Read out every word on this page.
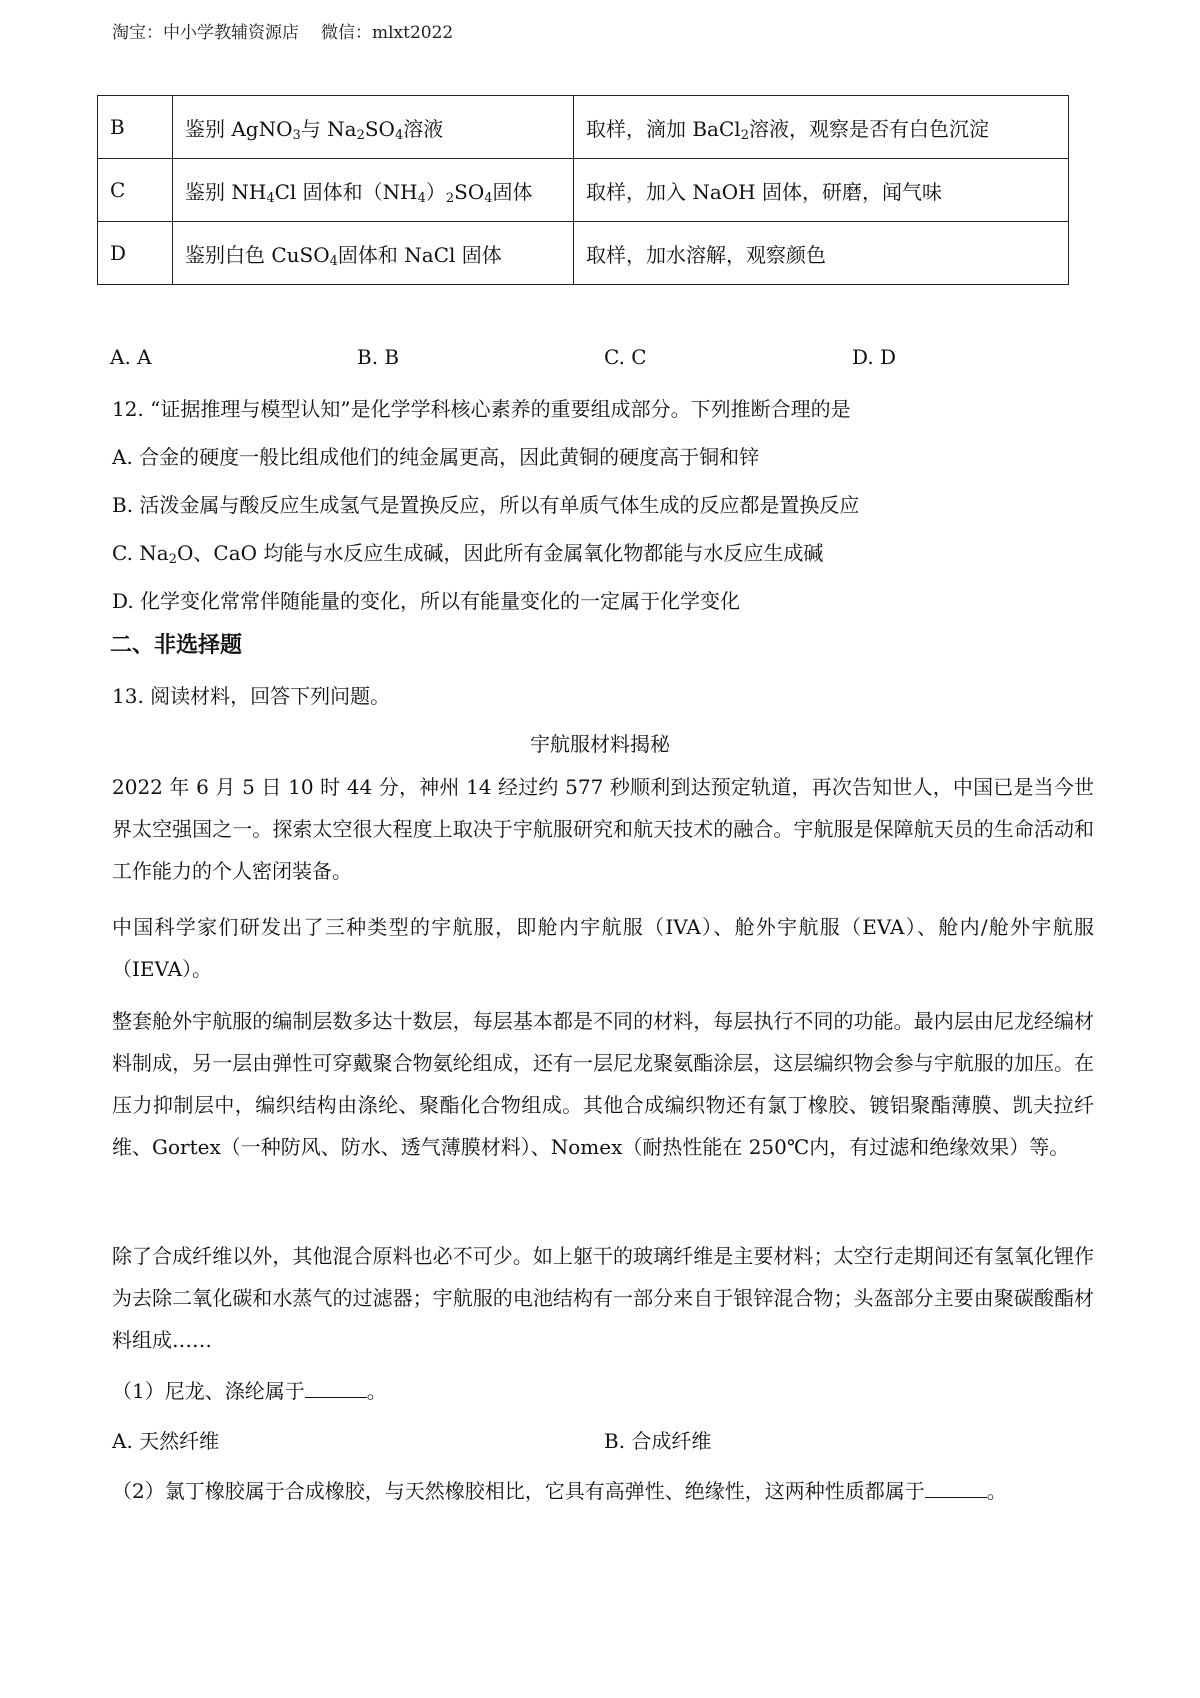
淘宝：中小学教辅资源店 微信：mlxt2022
B	鉴别 AgNO$_3$与 $Na_2SO_4$溶液	取样，滴加 BaCl$_2$溶液，观察是否有白色沉淀
C	鉴别 $NH_4Cl$ 固体和$(NH_4)_2SO_4$固体	取样，加入 NaOH 固体，研磨，闻气味
D	鉴别白色 CuSO$_4$固体和 NaCl 固体	取样，加水溶解，观察颜色
A. A	B. B	C. C	D. D
12. “证据推理与模型认知”是化学学科核心素养的重要组成部分。下列推断合理的是
A. 合金的硬度一般比组成他们的纯金属更高，因此黄铜的硬度高于铜和锌
B. 活泼金属与酸反应生成氢气是置换反应，所以有单质气体生成的反应都是置换反应
C. $Na_2O$、CaO 均能与水反应生成碱，因此所有金属氧化物都能与水反应生成碱
D. 化学变化常常伴随能量的变化，所以有能量变化的一定属于化学变化
二、非选择题
13. 阅读材料，回答下列问题。
宇航服材料揭秘
2022 年 6 月 5 日 10 时 44 分，神州 14 经过约 577 秒顺利到达预定轨道，再次告知世人，中国已是当今世界太空强国之一。探索太空很大程度上取决于宇航服研究和航天技术的融合。宇航服是保障航天员的生命活动和工作能力的个人密闭装备。
中国科学家们研发出了三种类型的宇航服，即舱内宇航服（IVA）、舱外宇航服（EVA）、舱内/舱外宇航服（IEVA）。
整套舱外宇航服的编制层数多达十数层，每层基本都是不同的材料，每层执行不同的功能。最内层由尼龙经编材料制成，另一层由弹性可穿戴聚合物氨纶组成，还有一层尼龙聚氨酯涂层，这层编织物会参与宇航服的加压。在压力抑制层中，编织结构由涤纶、聚酯化合物组成。其他合成编织物还有氯丁橡胶、镀铝聚酯薄膜、凯夫拉纤维、Gortex（一种防风、防水、透气薄膜材料）、Nomex（耐热性能在 250℃内，有过滤和绝缘效果）等。
除了合成纤维以外，其他混合原料也必不可少。如上躯干的玻璃纤维是主要材料；太空行走期间还有氢氧化锂作为去除二氧化碳和水蒸气的过滤器；宇航服的电池结构有一部分来自于银锌混合物；头盔部分主要由聚碳酸酯材料组成……
（1）尼龙、涤纶属于	。
A. 天然纤维	B. 合成纤维
（2）氯丁橡胶属于合成橡胶，与天然橡胶相比，它具有高弹性、绝缘性，这两种性质都属于	。
